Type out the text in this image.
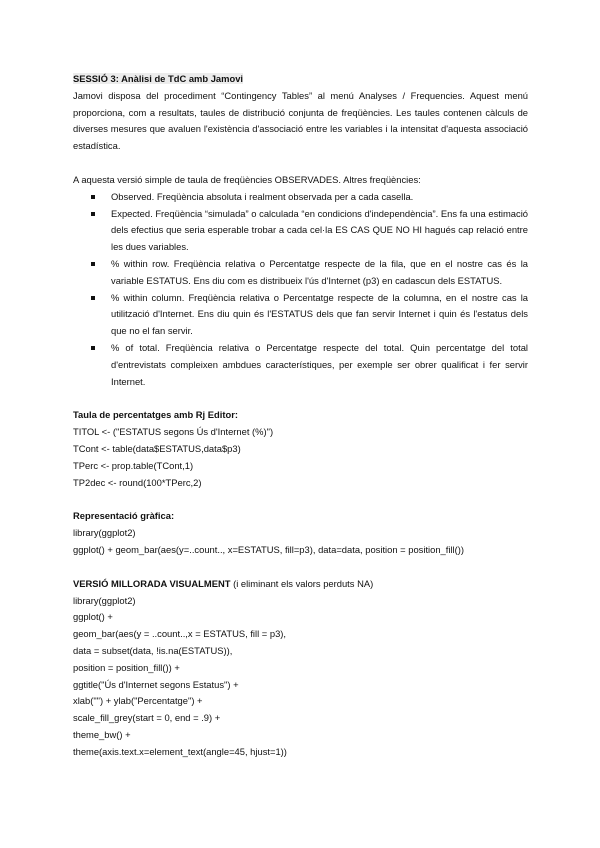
SESSIÓ 3: Anàlisi de TdC amb Jamovi
Jamovi disposa del procediment “Contingency Tables” al menú Analyses / Frequencies. Aquest menú proporciona, com a resultats, taules de distribució conjunta de freqüències. Les taules contenen càlculs de diverses mesures que avaluen l'existència d'associació entre les variables i la intensitat d'aquesta associació estadística.
A aquesta versió simple de taula de freqüències OBSERVADES. Altres freqüències:
Observed. Freqüència absoluta i realment observada per a cada casella.
Expected. Freqüència “simulada” o calculada “en condicions d'independència”. Ens fa una estimació dels efectius que seria esperable trobar a cada cel·la ES CAS QUE NO HI hagués cap relació entre les dues variables.
% within row. Freqüència relativa o Percentatge respecte de la fila, que en el nostre cas és la variable ESTATUS. Ens diu com es distribueix l'ús d'Internet (p3) en cadascun dels ESTATUS.
% within column. Freqüència relativa o Percentatge respecte de la columna, en el nostre cas la utilització d'Internet. Ens diu quin és l'ESTATUS dels que fan servir Internet i quin és l'estatus dels que no el fan servir.
% of total. Freqüència relativa o Percentatge respecte del total. Quin percentatge del total d'entrevistats compleixen ambdues característiques, per exemple ser obrer qualificat i fer servir Internet.
Taula de percentatges amb Rj Editor:
TITOL <- ("ESTATUS segons Ús d'Internet (%)")
TCont <- table(data$ESTATUS,data$p3)
TPerc <- prop.table(TCont,1)
TP2dec <- round(100*TPerc,2)
Representació gràfica:
library(ggplot2)
ggplot() + geom_bar(aes(y=..count.., x=ESTATUS, fill=p3), data=data, position = position_fill())
VERSIÓ MILLORADA VISUALMENT (i eliminant els valors perduts NA)
library(ggplot2)
ggplot() +
geom_bar(aes(y = ..count..,x = ESTATUS, fill = p3),
data = subset(data, !is.na(ESTATUS)),
position = position_fill()) +
ggtitle("Ús d'Internet segons Estatus") +
xlab("") + ylab("Percentatge") +
scale_fill_grey(start = 0, end = .9) +
theme_bw() +
theme(axis.text.x=element_text(angle=45, hjust=1))
